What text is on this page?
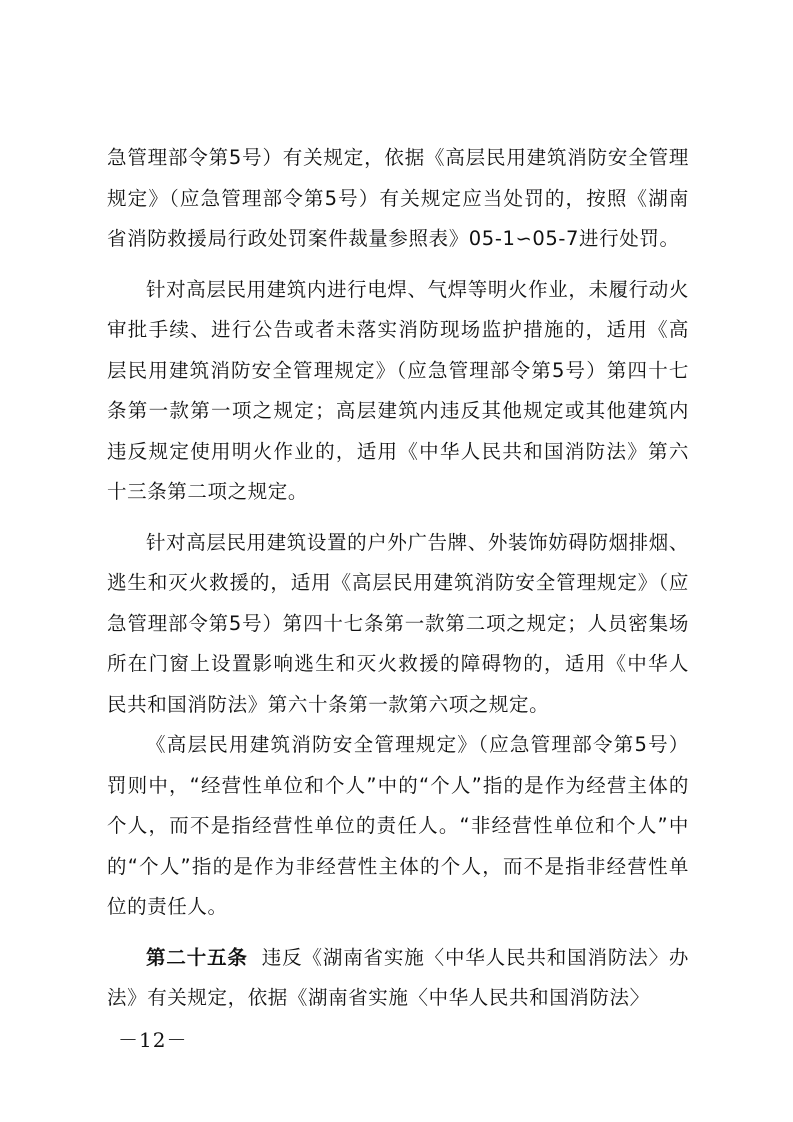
急管理部令第5号）有关规定，依据《高层民用建筑消防安全管理规定》（应急管理部令第5号）有关规定应当处罚的，按照《湖南省消防救援局行政处罚案件裁量参照表》05-1∽05-7进行处罚。

针对高层民用建筑内进行电焊、气焊等明火作业，未履行动火审批手续、进行公告或者未落实消防现场监护措施的，适用《高层民用建筑消防安全管理规定》（应急管理部令第5号）第四十七条第一款第一项之规定；高层建筑内违反其他规定或其他建筑内违反规定使用明火作业的，适用《中华人民共和国消防法》第六十三条第二项之规定。

针对高层民用建筑设置的户外广告牌、外装饰妨碍防烟排烟、逃生和灭火救援的，适用《高层民用建筑消防安全管理规定》（应急管理部令第5号）第四十七条第一款第二项之规定；人员密集场所在门窗上设置影响逃生和灭火救援的障碍物的，适用《中华人民共和国消防法》第六十条第一款第六项之规定。

《高层民用建筑消防安全管理规定》（应急管理部令第5号）罚则中，“经营性单位和个人”中的“个人”指的是作为经营主体的个人，而不是指经营性单位的责任人。“非经营性单位和个人”中的“个人”指的是作为非经营性主体的个人，而不是指非经营性单位的责任人。

第二十五条 违反《湖南省实施〈中华人民共和国消防法〉办法》有关规定，依据《湖南省实施〈中华人民共和国消防法〉

－12－
